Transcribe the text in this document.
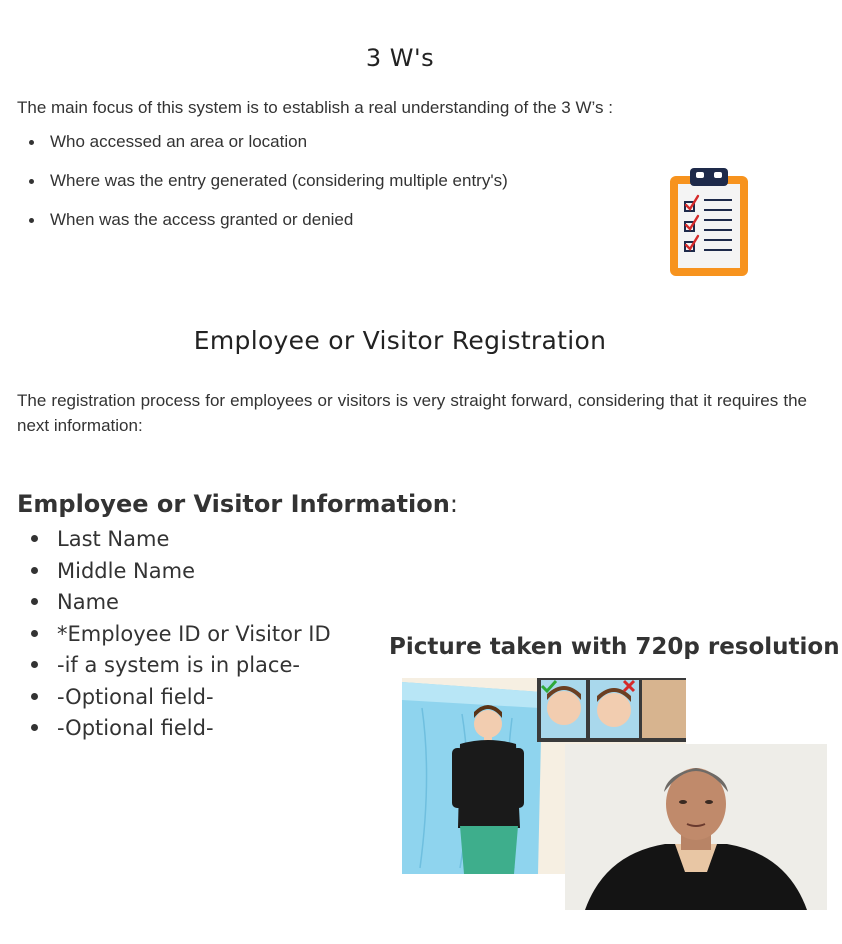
3 W's
The main focus of this system is to establish a real understanding of the 3 W’s :
Who accessed an area or location
Where was the entry generated (considering multiple entry's)
When was the access granted or denied
Employee or Visitor Registration
The registration process for employees or visitors is very straight forward, considering that it requires the next information:
Employee or Visitor Information:
Last Name
Middle Name
Name
*Employee ID or Visitor ID
-if a system is in place-
-Optional field-
-Optional field-
Picture taken with 720p resolution
